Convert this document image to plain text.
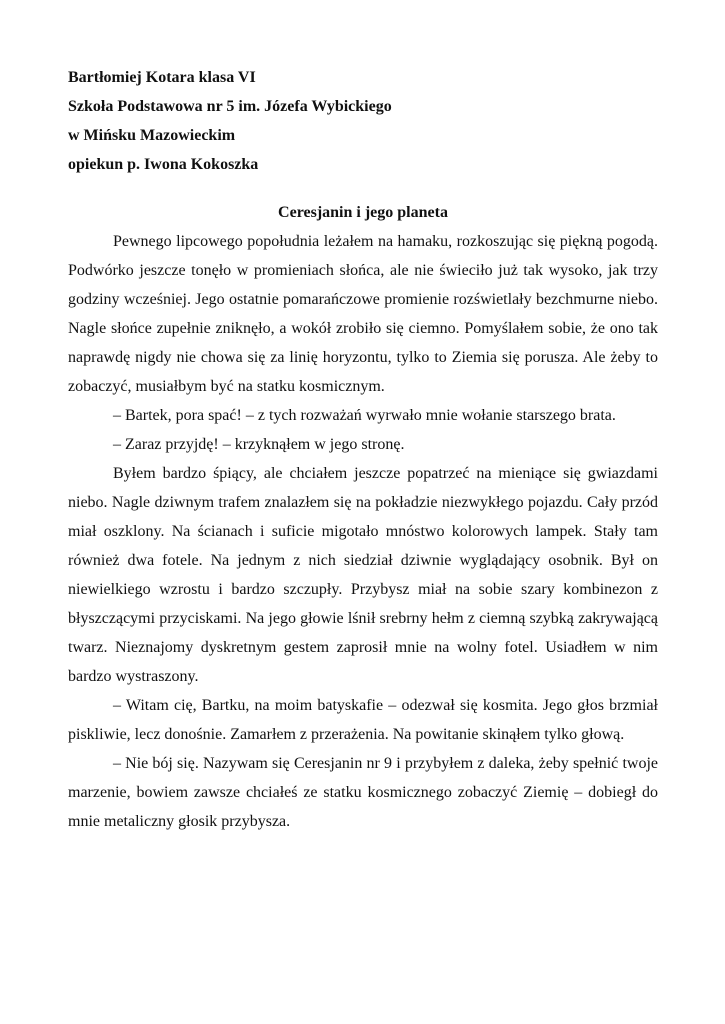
Bartłomiej Kotara klasa VI

Szkoła Podstawowa nr 5 im. Józefa Wybickiego

w Mińsku Mazowieckim

opiekun p. Iwona Kokoszka

Ceresjanin i jego planeta

Pewnego lipcowego popołudnia leżałem na hamaku, rozkoszując się piękną pogodą. Podwórko jeszcze tonęło w promieniach słońca, ale nie świeciło już tak wysoko, jak trzy godziny wcześniej. Jego ostatnie pomarańczowe promienie rozświetlały bezchmurne niebo. Nagle słońce zupełnie zniknęło, a wokół zrobiło się ciemno. Pomyślałem sobie, że ono tak naprawdę nigdy nie chowa się za linię horyzontu, tylko to Ziemia się porusza. Ale żeby to zobaczyć, musiałbym być na statku kosmicznym.

– Bartek, pora spać! – z tych rozważań wyrwało mnie wołanie starszego brata.

– Zaraz przyjdę! – krzyknąłem w jego stronę.

Byłem bardzo śpiący, ale chciałem jeszcze popatrzeć na mieniące się gwiazdami niebo. Nagle dziwnym trafem znalazłem się na pokładzie niezwykłego pojazdu. Cały przód miał oszklony. Na ścianach i suficie migotało mnóstwo kolorowych lampek. Stały tam również dwa fotele. Na jednym z nich siedział dziwnie wyglądający osobnik. Był on niewielkiego wzrostu i bardzo szczupły. Przybysz miał na sobie szary kombinezon z błyszczącymi przyciskami. Na jego głowie lśnił srebrny hełm z ciemną szybką zakrywającą twarz. Nieznajomy dyskretnym gestem zaprosił mnie na wolny fotel. Usiadłem w nim bardzo wystraszony.

– Witam cię, Bartku, na moim batyskafie – odezwał się kosmita. Jego głos brzmiał piskliwie, lecz donośnie. Zamarłem z przerażenia. Na powitanie skinąłem tylko głową.

– Nie bój się. Nazywam się Ceresjanin nr 9 i przybyłem z daleka, żeby spełnić twoje marzenie, bowiem zawsze chciałeś ze statku kosmicznego zobaczyć Ziemię – dobiegł do mnie metaliczny głosik przybysza.
